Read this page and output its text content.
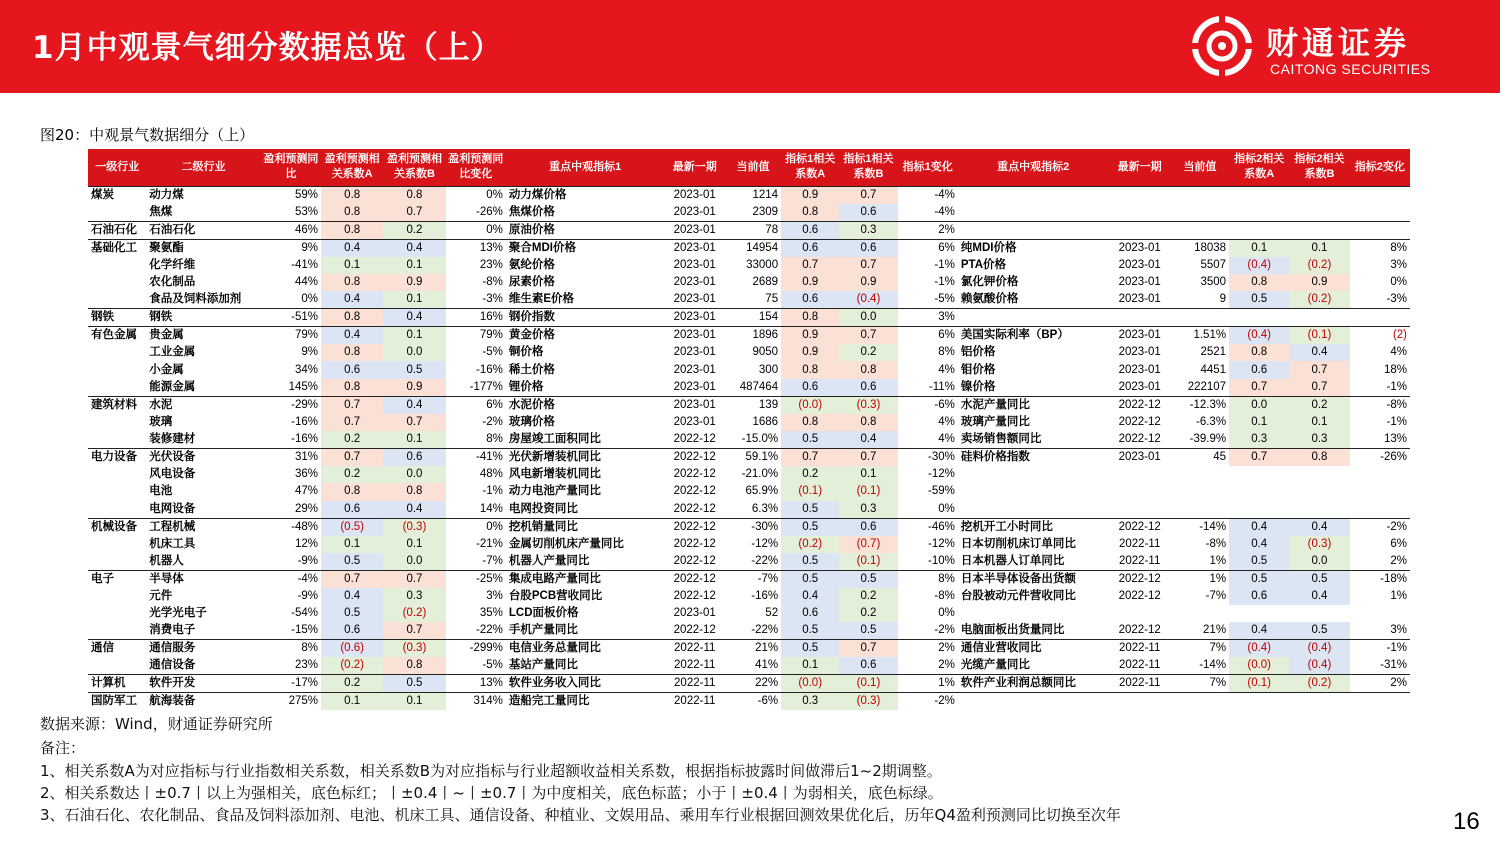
1月中观景气细分数据总览（上）	财通证券
CAITONG SECURITIES
图20：中观景气数据细分（上）
一级行业	二级行业	盈利预测同比	盈利预测相关系数A	盈利预测相关系数B	盈利预测同比变化	重点中观指标1	最新一期	当前值	指标1相关系数A	指标1相关系数B	指标1变化	重点中观指标2	最新一期	当前值	指标2相关系数A	指标2相关系数B	指标2变化
煤炭	动力煤	59%	0.8	0.8	0%	动力煤价格	2023-01	1214	0.9	0.7	-4%						
	焦煤	53%	0.8	0.7	-26%	焦煤价格	2023-01	2309	0.8	0.6	-4%						
石油石化	石油石化	46%	0.8	0.2	0%	原油价格	2023-01	78	0.6	0.3	2%						
基础化工	聚氨酯	9%	0.4	0.4	13%	聚合MDI价格	2023-01	14954	0.6	0.6	6%	纯MDI价格	2023-01	18038	0.1	0.1	8%
	化学纤维	-41%	0.1	0.1	23%	氨纶价格	2023-01	33000	0.7	0.7	-1%	PTA价格	2023-01	5507	(0.4)	(0.2)	3%
	农化制品	44%	0.8	0.9	-8%	尿素价格	2023-01	2689	0.9	0.9	-1%	氯化钾价格	2023-01	3500	0.8	0.9	0%
	食品及饲料添加剂	0%	0.4	0.1	-3%	维生素E价格	2023-01	75	0.6	(0.4)	-5%	赖氨酸价格	2023-01	9	0.5	(0.2)	-3%
钢铁	钢铁	-51%	0.8	0.4	16%	钢价指数	2023-01	154	0.8	0.0	3%						
有色金属	贵金属	79%	0.4	0.1	79%	黄金价格	2023-01	1896	0.9	0.7	6%	美国实际利率（BP）	2023-01	1.51%	(0.4)	(0.1)	(2)
	工业金属	9%	0.8	0.0	-5%	铜价格	2023-01	9050	0.9	0.2	8%	铝价格	2023-01	2521	0.8	0.4	4%
	小金属	34%	0.6	0.5	-16%	稀土价格	2023-01	300	0.8	0.8	4%	钼价格	2023-01	4451	0.6	0.7	18%
	能源金属	145%	0.8	0.9	-177%	锂价格	2023-01	487464	0.6	0.6	-11%	镍价格	2023-01	222107	0.7	0.7	-1%
建筑材料	水泥	-29%	0.7	0.4	6%	水泥价格	2023-01	139	(0.0)	(0.3)	-6%	水泥产量同比	2022-12	-12.3%	0.0	0.2	-8%
	玻璃	-16%	0.7	0.7	-2%	玻璃价格	2023-01	1686	0.8	0.8	4%	玻璃产量同比	2022-12	-6.3%	0.1	0.1	-1%
	装修建材	-16%	0.2	0.1	8%	房屋竣工面积同比	2022-12	-15.0%	0.5	0.4	4%	卖场销售额同比	2022-12	-39.9%	0.3	0.3	13%
电力设备	光伏设备	31%	0.7	0.6	-41%	光伏新增装机同比	2022-12	59.1%	0.7	0.7	-30%	硅料价格指数	2023-01	45	0.7	0.8	-26%
	风电设备	36%	0.2	0.0	48%	风电新增装机同比	2022-12	-21.0%	0.2	0.1	-12%						
	电池	47%	0.8	0.8	-1%	动力电池产量同比	2022-12	65.9%	(0.1)	(0.1)	-59%						
	电网设备	29%	0.6	0.4	14%	电网投资同比	2022-12	6.3%	0.5	0.3	0%						
机械设备	工程机械	-48%	(0.5)	(0.3)	0%	挖机销量同比	2022-12	-30%	0.5	0.6	-46%	挖机开工小时同比	2022-12	-14%	0.4	0.4	-2%
	机床工具	12%	0.1	0.1	-21%	金属切削机床产量同比	2022-12	-12%	(0.2)	(0.7)	-12%	日本切削机床订单同比	2022-11	-8%	0.4	(0.3)	6%
	机器人	-9%	0.5	0.0	-7%	机器人产量同比	2022-12	-22%	0.5	(0.1)	-10%	日本机器人订单同比	2022-11	1%	0.5	0.0	2%
电子	半导体	-4%	0.7	0.7	-25%	集成电路产量同比	2022-12	-7%	0.5	0.5	8%	日本半导体设备出货额	2022-12	1%	0.5	0.5	-18%
	元件	-9%	0.4	0.3	3%	台股PCB营收同比	2022-12	-16%	0.4	0.2	-8%	台股被动元件营收同比	2022-12	-7%	0.6	0.4	1%
	光学光电子	-54%	0.5	(0.2)	35%	LCD面板价格	2023-01	52	0.6	0.2	0%						
	消费电子	-15%	0.6	0.7	-22%	手机产量同比	2022-12	-22%	0.5	0.5	-2%	电脑面板出货量同比	2022-12	21%	0.4	0.5	3%
通信	通信服务	8%	(0.6)	(0.3)	-299%	电信业务总量同比	2022-11	21%	0.5	0.7	2%	通信业营收同比	2022-11	7%	(0.4)	(0.4)	-1%
	通信设备	23%	(0.2)	0.8	-5%	基站产量同比	2022-11	41%	0.1	0.6	2%	光缆产量同比	2022-11	-14%	(0.0)	(0.4)	-31%
计算机	软件开发	-17%	0.2	0.5	13%	软件业务收入同比	2022-11	22%	(0.0)	(0.1)	1%	软件产业利润总额同比	2022-11	7%	(0.1)	(0.2)	2%
国防军工	航海装备	275%	0.1	0.1	314%	造船完工量同比	2022-11	-6%	0.3	(0.3)	-2%						
数据来源：Wind，财通证券研究所
备注：
1、相关系数A为对应指标与行业指数相关系数，相关系数B为对应指标与行业超额收益相关系数，根据指标披露时间做滞后1~2期调整。
2、相关系数达丨±0.7丨以上为强相关，底色标红；丨±0.4丨~丨±0.7丨为中度相关，底色标蓝；小于丨±0.4丨为弱相关，底色标绿。
3、石油石化、农化制品、食品及饲料添加剂、电池、机床工具、通信设备、种植业、文娱用品、乘用车行业根据回测效果优化后，历年Q4盈利预测同比切换至次年	16
